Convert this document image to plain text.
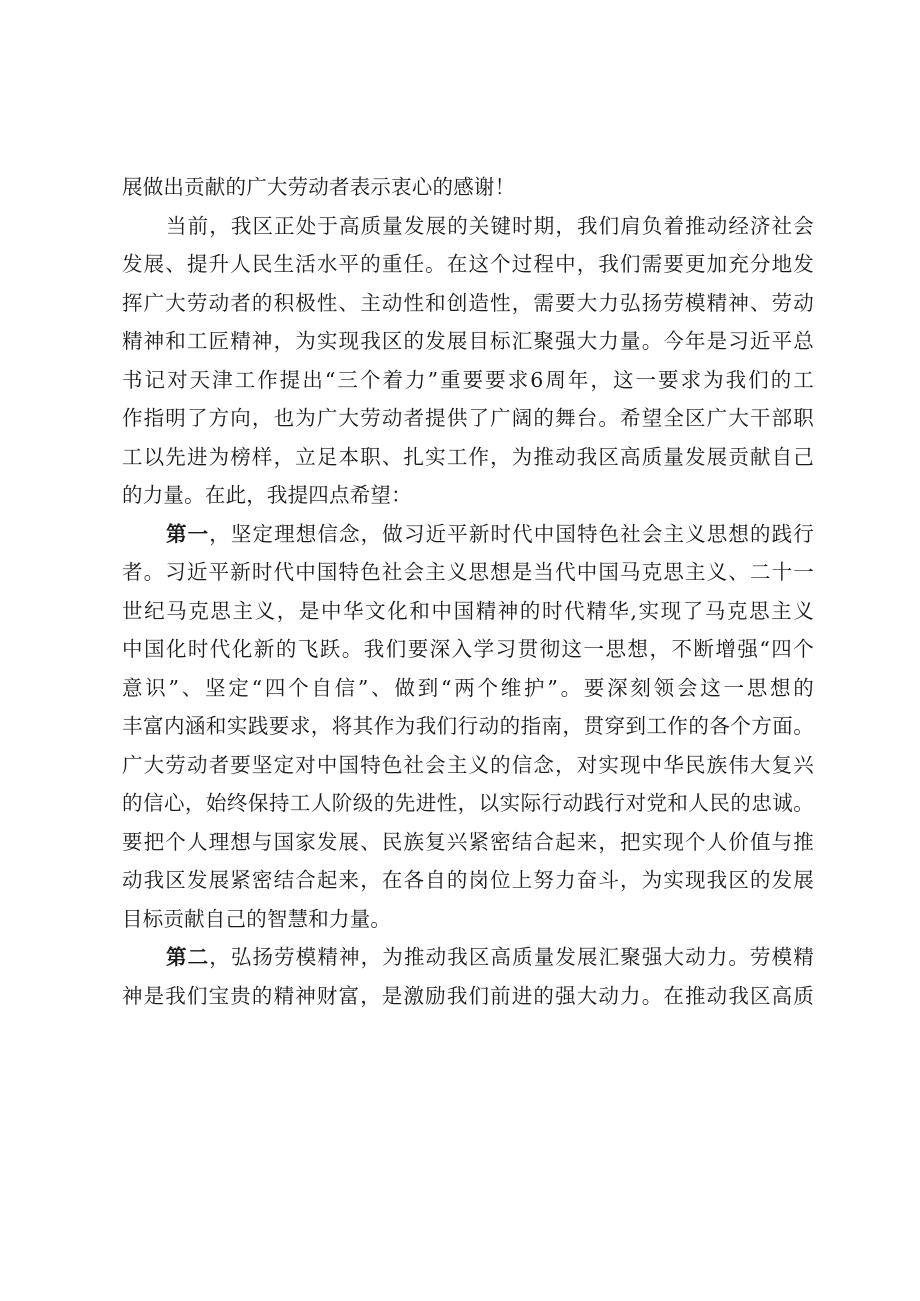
展做出贡献的广大劳动者表示衷心的感谢！
当前，我区正处于高质量发展的关键时期，我们肩负着推动经济社会
发展、提升人民生活水平的重任。在这个过程中，我们需要更加充分地发
挥广大劳动者的积极性、主动性和创造性，需要大力弘扬劳模精神、劳动
精神和工匠精神，为实现我区的发展目标汇聚强大力量。今年是习近平总
书记对天津工作提出“三个着力”重要要求6周年，这一要求为我们的工
作指明了方向，也为广大劳动者提供了广阔的舞台。希望全区广大干部职
工以先进为榜样，立足本职、扎实工作，为推动我区高质量发展贡献自己
的力量。在此，我提四点希望：
第一，坚定理想信念，做习近平新时代中国特色社会主义思想的践行
者。习近平新时代中国特色社会主义思想是当代中国马克思主义、二十一
世纪马克思主义，是中华文化和中国精神的时代精华,实现了马克思主义
中国化时代化新的飞跃。我们要深入学习贯彻这一思想，不断增强“四个
意识”、坚定“四个自信”、做到“两个维护”。要深刻领会这一思想的
丰富内涵和实践要求，将其作为我们行动的指南，贯穿到工作的各个方面。
广大劳动者要坚定对中国特色社会主义的信念，对实现中华民族伟大复兴
的信心，始终保持工人阶级的先进性，以实际行动践行对党和人民的忠诚。
要把个人理想与国家发展、民族复兴紧密结合起来，把实现个人价值与推
动我区发展紧密结合起来，在各自的岗位上努力奋斗，为实现我区的发展
目标贡献自己的智慧和力量。
第二，弘扬劳模精神，为推动我区高质量发展汇聚强大动力。劳模精
神是我们宝贵的精神财富，是激励我们前进的强大动力。在推动我区高质
